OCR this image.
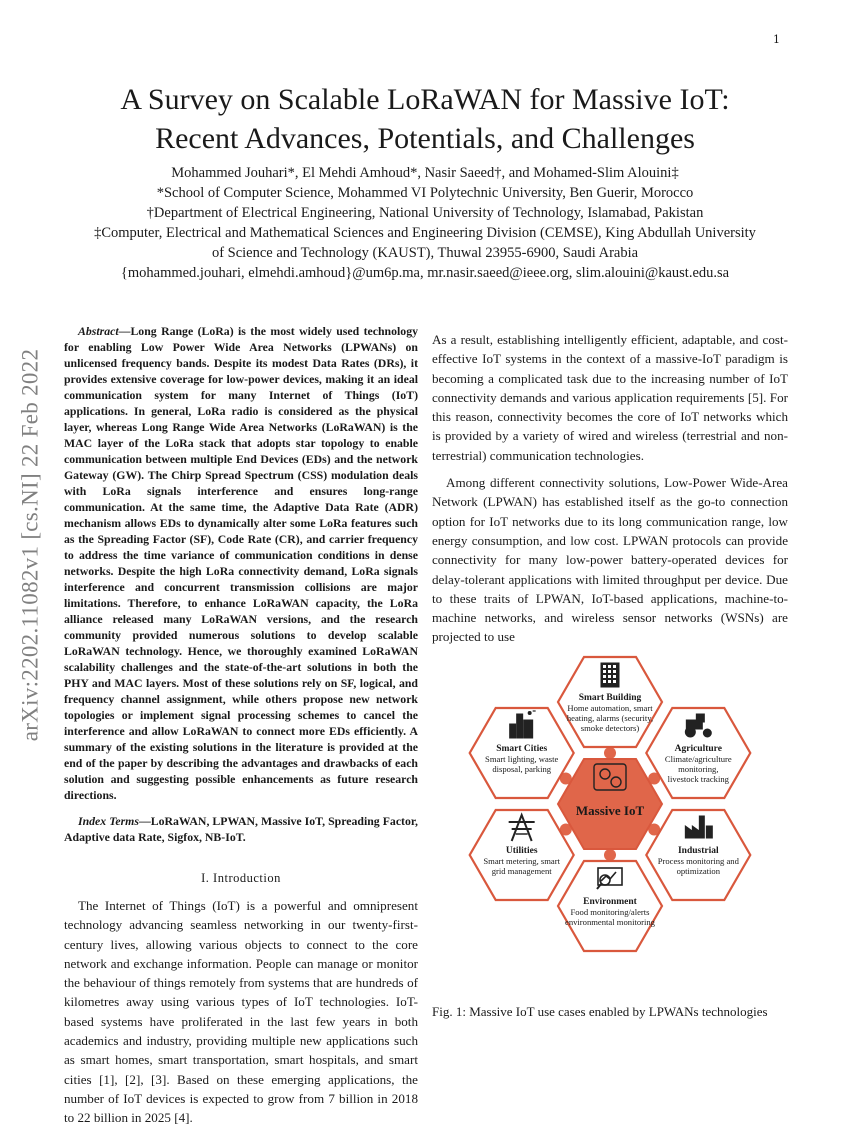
1
arXiv:2202.11082v1 [cs.NI] 22 Feb 2022
A Survey on Scalable LoRaWAN for Massive IoT:
Recent Advances, Potentials, and Challenges
Mohammed Jouhari*, El Mehdi Amhoud*, Nasir Saeed†, and Mohamed-Slim Alouini‡
*School of Computer Science, Mohammed VI Polytechnic University, Ben Guerir, Morocco
†Department of Electrical Engineering, National University of Technology, Islamabad, Pakistan
‡Computer, Electrical and Mathematical Sciences and Engineering Division (CEMSE), King Abdullah University
of Science and Technology (KAUST), Thuwal 23955-6900, Saudi Arabia
{mohammed.jouhari, elmehdi.amhoud}@um6p.ma, mr.nasir.saeed@ieee.org, slim.alouini@kaust.edu.sa

Abstract—Long Range (LoRa) is the most widely used technology for enabling Low Power Wide Area Networks (LPWANs) on unlicensed frequency bands. Despite its modest Data Rates (DRs), it provides extensive coverage for low-power devices, making it an ideal communication system for many Internet of Things (IoT) applications. In general, LoRa radio is considered as the physical layer, whereas Long Range Wide Area Networks (LoRaWAN) is the MAC layer of the LoRa stack that adopts star topology to enable communication between multiple End Devices (EDs) and the network Gateway (GW). The Chirp Spread Spectrum (CSS) modulation deals with LoRa signals interference and ensures long-range communication. At the same time, the Adaptive Data Rate (ADR) mechanism allows EDs to dynamically alter some LoRa features such as the Spreading Factor (SF), Code Rate (CR), and carrier frequency to address the time variance of communication conditions in dense networks. Despite the high LoRa connectivity demand, LoRa signals interference and concurrent transmission collisions are major limitations. Therefore, to enhance LoRaWAN capacity, the LoRa alliance released many LoRaWAN versions, and the research community provided numerous solutions to develop scalable LoRaWAN technology. Hence, we thoroughly examined LoRaWAN scalability challenges and the state-of-the-art solutions in both the PHY and MAC layers. Most of these solutions rely on SF, logical, and frequency channel assignment, while others propose new network topologies or implement signal processing schemes to cancel the interference and allow LoRaWAN to connect more EDs efficiently. A summary of the existing solutions in the literature is provided at the end of the paper by describing the advantages and drawbacks of each solution and suggesting possible enhancements as future research directions.

Index Terms—LoRaWAN, LPWAN, Massive IoT, Spreading Factor, Adaptive data Rate, Sigfox, NB-IoT.

I. Introduction

The Internet of Things (IoT) is a powerful and omnipresent technology advancing seamless networking in our twenty-first-century lives, allowing various objects to connect to the core network and exchange information. People can manage or monitor the behaviour of things remotely from systems that are hundreds of kilometres away using various types of IoT technologies. IoT-based systems have proliferated in the last few years in both academics and industry, providing multiple new applications such as smart homes, smart transportation, smart hospitals, and smart cities [1], [2], [3]. Based on these emerging applications, the number of IoT devices is expected to grow from 7 billion in 2018 to 22 billion in 2025 [4].

As a result, establishing intelligently efficient, adaptable, and cost-effective IoT systems in the context of a massive-IoT paradigm is becoming a complicated task due to the increasing number of IoT connectivity demands and various application requirements [5]. For this reason, connectivity becomes the core of IoT networks which is provided by a variety of wired and wireless (terrestrial and non-terrestrial) communication technologies.

Among different connectivity solutions, Low-Power Wide-Area Network (LPWAN) has established itself as the go-to connection option for IoT networks due to its long communication range, low energy consumption, and low cost. LPWAN protocols can provide connectivity for many low-power battery-operated devices for delay-tolerant applications with limited throughput per device. Due to these traits of LPWAN, IoT-based applications, machine-to-machine networks, and wireless sensor networks (WSNs) are projected to use

Massive IoT
Smart Building
Home automation, smart
heating, alarms (security,
smoke detectors)
Agriculture
Climate/agriculture
monitoring,
livestock tracking
Industrial
Process monitoring and
optimization
Environment
Food monitoring/alerts
environmental monitoring
Utilities
Smart metering, smart
grid management
Smart Cities
Smart lighting, waste
disposal, parking
Fig. 1: Massive IoT use cases enabled by LPWANs technologies
